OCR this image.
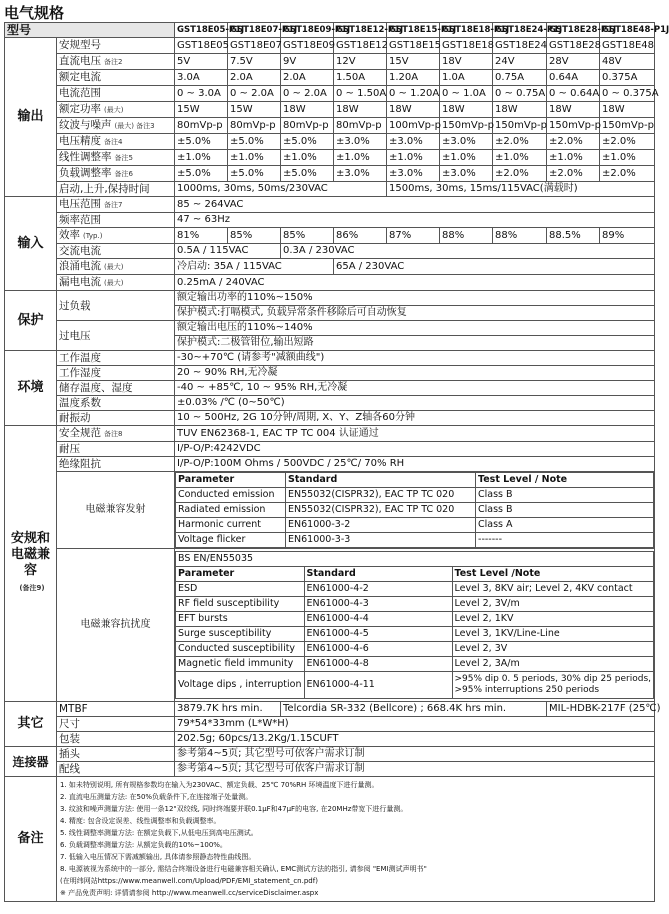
电气规格
型号	GST18E05-P1J	GST18E07-P1J	GST18E09-P1J	GST18E12-P1J	GST18E15-P1J	GST18E18-P1J	GST18E24-P1J	GST18E28-P1J	GST18E48-P1J
输出	安规型号	GST18E05	GST18E07	GST18E09	GST18E12	GST18E15	GST18E18	GST18E24	GST18E28	GST18E48
直流电压 备注2	5V	7.5V	9V	12V	15V	18V	24V	28V	48V
额定电流	3.0A	2.0A	2.0A	1.50A	1.20A	1.0A	0.75A	0.64A	0.375A
电流范围	0 ~ 3.0A	0 ~ 2.0A	0 ~ 2.0A	0 ~ 1.50A	0 ~ 1.20A	0 ~ 1.0A	0 ~ 0.75A	0 ~ 0.64A	0 ~ 0.375A
额定功率 (最大)	15W	15W	18W	18W	18W	18W	18W	18W	18W
纹波与噪声 (最大) 备注3	80mVp-p	80mVp-p	80mVp-p	80mVp-p	100mVp-p	150mVp-p	150mVp-p	150mVp-p	150mVp-p
电压精度 备注4	±5.0%	±5.0%	±5.0%	±3.0%	±3.0%	±3.0%	±2.0%	±2.0%	±2.0%
线性调整率 备注5	±1.0%	±1.0%	±1.0%	±1.0%	±1.0%	±1.0%	±1.0%	±1.0%	±1.0%
负载调整率 备注6	±5.0%	±5.0%	±5.0%	±3.0%	±3.0%	±3.0%	±2.0%	±2.0%	±2.0%
启动,上升,保持时间	1000ms, 30ms, 50ms/230VAC	1500ms, 30ms, 15ms/115VAC(满载时)
输入	电压范围 备注7	85 ~ 264VAC
频率范围	47 ~ 63Hz
效率 (Typ.)	81%	85%	85%	86%	87%	88%	88%	88.5%	89%
交流电流	0.5A / 115VAC	0.3A / 230VAC
浪涌电流 (最大)	冷启动: 35A / 115VAC	65A / 230VAC
漏电电流 (最大)	0.25mA / 240VAC
保护	过负载	额定输出功率的110%~150%
保护模式:打嗝模式, 负载异常条件移除后可自动恢复
过电压	额定输出电压的110%~140%
保护模式:二极管钳位,输出短路
环境	工作温度	-30~+70℃ (请参考"减额曲线")
工作湿度	20 ~ 90% RH,无冷凝
储存温度、湿度	-40 ~ +85℃, 10 ~ 95% RH,无冷凝
温度系数	±0.03% /℃ (0~50℃)
耐振动	10 ~ 500Hz, 2G 10分钟/周期, X、Y、Z轴各60分钟
安规和电磁兼容
(备注9)	安全规范 备注8	TUV EN62368-1, EAC TP TC 004 认证通过
耐压	I/P-O/P:4242VDC
绝缘阻抗	I/P-O/P:100M Ohms / 500VDC / 25℃/ 70% RH
电磁兼容发射	
Parameter	Standard	Test Level / Note
Conducted emission	EN55032(CISPR32), EAC TP TC 020	Class B
Radiated emission	EN55032(CISPR32), EAC TP TC 020	Class B
Harmonic current	EN61000-3-2	Class A
Voltage flicker	EN61000-3-3	-------

电磁兼容抗扰度	
BS EN/EN55035
Parameter	Standard	Test Level /Note
ESD	EN61000-4-2	Level 3, 8KV air; Level 2, 4KV contact
RF field susceptibility	EN61000-4-3	Level 2, 3V/m
EFT bursts	EN61000-4-4	Level 2, 1KV
Surge susceptibility	EN61000-4-5	Level 3, 1KV/Line-Line
Conducted susceptibility	EN61000-4-6	Level 2, 3V
Magnetic field immunity	EN61000-4-8	Level 2, 3A/m
Voltage dips , interruption	EN61000-4-11	>95% dip 0. 5 periods, 30% dip 25 periods,
>95% interruptions 250 periods

其它	MTBF	3879.7K hrs min.	Telcordia SR-332 (Bellcore) ; 668.4K hrs min.	MIL-HDBK-217F (25℃)
尺寸	79*54*33mm (L*W*H)
包装	202.5g; 60pcs/13.2Kg/1.15CUFT
连接器	插头	参考第4~5页; 其它型号可依客户需求订制
配线	参考第4~5页; 其它型号可依客户需求订制
备注	
1. 如未特别说明, 所有规格参数均在输入为230VAC、额定负载、25℃ 70%RH 环境温度下进行量测。
2. 直流电压测量方法: 在50%负载条件下,在连接端子处量测。
3. 纹波和噪声测量方法: 使用一条12"双绞线, 同时终端要并联0.1μF和47μF的电容, 在20MHz带宽下进行量测。
4. 精度: 包含设定误差、线性调整率和负载调整率。
5. 线性调整率测量方法: 在额定负载下,从低电压到高电压测试。
6. 负载调整率测量方法: 从额定负载的10%~100%。
7. 低输入电压情况下需减额输出, 具体请参照静态特性曲线图。
8. 电源被视为系统中的一部分, 需结合终端设备进行电磁兼容相关确认, EMC测试方法的指引, 请参阅 "EMI测试声明书"
(在明纬网站https://www.meanwell.com/Upload/PDF/EMI_statement_cn.pdf)
※ 产品免责声明: 详情请参阅 http://www.meanwell.cc/serviceDisclaimer.aspx
